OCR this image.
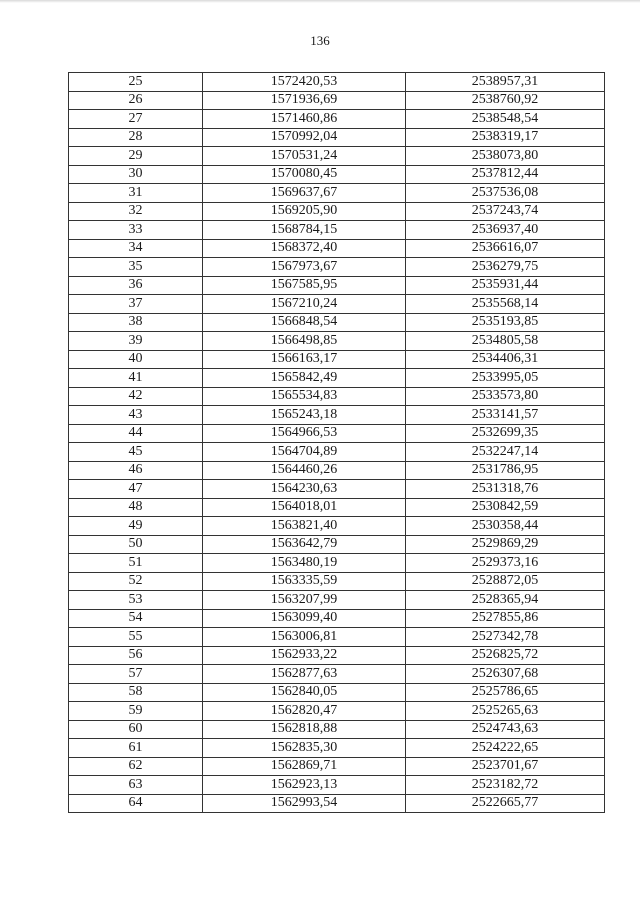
136
25	1572420,53	2538957,31
26	1571936,69	2538760,92
27	1571460,86	2538548,54
28	1570992,04	2538319,17
29	1570531,24	2538073,80
30	1570080,45	2537812,44
31	1569637,67	2537536,08
32	1569205,90	2537243,74
33	1568784,15	2536937,40
34	1568372,40	2536616,07
35	1567973,67	2536279,75
36	1567585,95	2535931,44
37	1567210,24	2535568,14
38	1566848,54	2535193,85
39	1566498,85	2534805,58
40	1566163,17	2534406,31
41	1565842,49	2533995,05
42	1565534,83	2533573,80
43	1565243,18	2533141,57
44	1564966,53	2532699,35
45	1564704,89	2532247,14
46	1564460,26	2531786,95
47	1564230,63	2531318,76
48	1564018,01	2530842,59
49	1563821,40	2530358,44
50	1563642,79	2529869,29
51	1563480,19	2529373,16
52	1563335,59	2528872,05
53	1563207,99	2528365,94
54	1563099,40	2527855,86
55	1563006,81	2527342,78
56	1562933,22	2526825,72
57	1562877,63	2526307,68
58	1562840,05	2525786,65
59	1562820,47	2525265,63
60	1562818,88	2524743,63
61	1562835,30	2524222,65
62	1562869,71	2523701,67
63	1562923,13	2523182,72
64	1562993,54	2522665,77
